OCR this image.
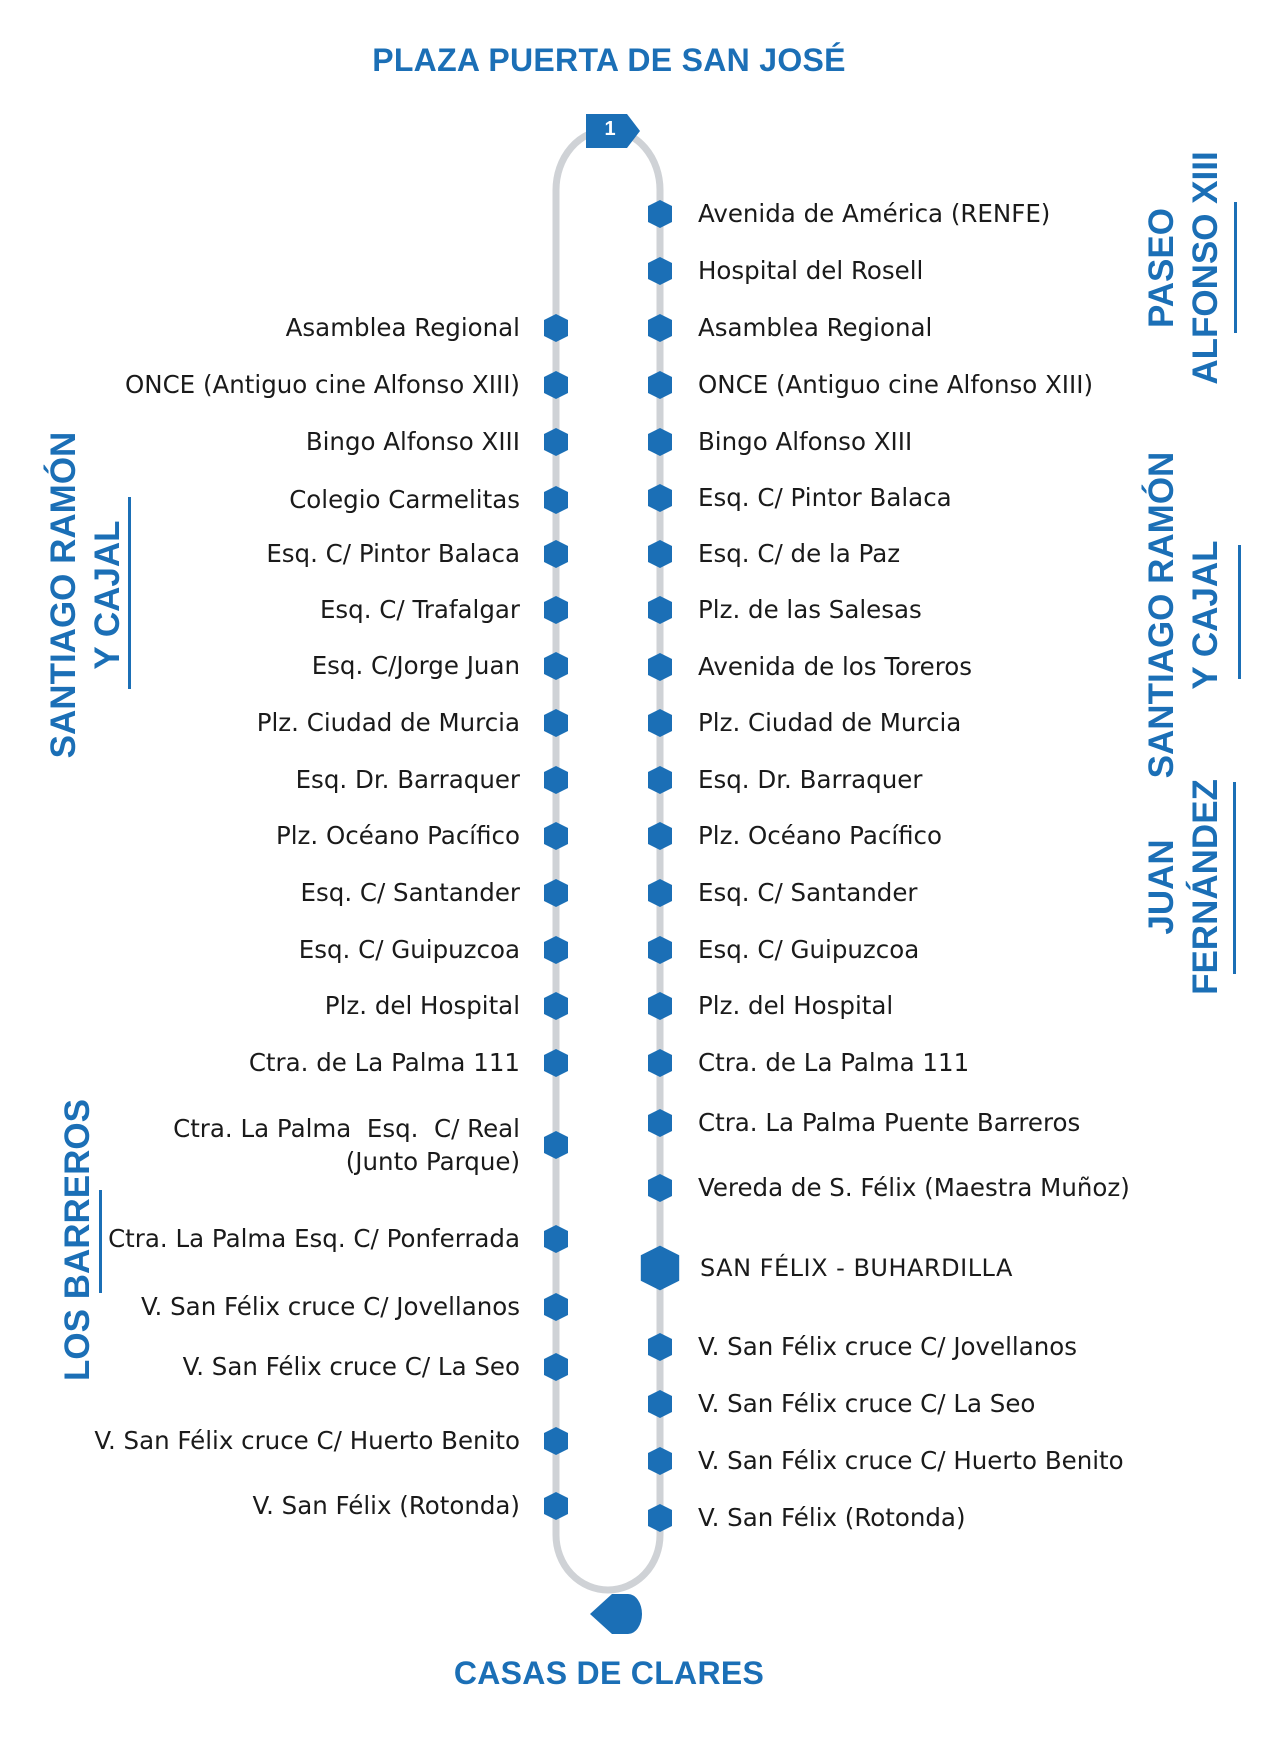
PLAZA PUERTA DE SAN JOSÉ
CASAS DE CLARES
1
Asamblea Regional
ONCE (Antiguo cine Alfonso XIII)
Bingo Alfonso XIII
Colegio Carmelitas
Esq. C/ Pintor Balaca
Esq. C/ Trafalgar
Esq. C/Jorge Juan
Plz. Ciudad de Murcia
Esq. Dr. Barraquer
Plz. Océano Pacífico
Esq. C/ Santander
Esq. C/ Guipuzcoa
Plz. del Hospital
Ctra. de La Palma 111
Ctra. La Palma  Esq.  C/ Real
(Junto Parque)
Ctra. La Palma Esq. C/ Ponferrada
V. San Félix cruce C/ Jovellanos
V. San Félix cruce C/ La Seo
V. San Félix cruce C/ Huerto Benito
V. San Félix (Rotonda)
Avenida de América (RENFE)
Hospital del Rosell
Asamblea Regional
ONCE (Antiguo cine Alfonso XIII)
Bingo Alfonso XIII
Esq. C/ Pintor Balaca
Esq. C/ de la Paz
Plz. de las Salesas
Avenida de los Toreros
Plz. Ciudad de Murcia
Esq. Dr. Barraquer
Plz. Océano Pacífico
Esq. C/ Santander
Esq. C/ Guipuzcoa
Plz. del Hospital
Ctra. de La Palma 111
Ctra. La Palma Puente Barreros
Vereda de S. Félix (Maestra Muñoz)
SAN FÉLIX - BUHARDILLA
V. San Félix cruce C/ Jovellanos
V. San Félix cruce C/ La Seo
V. San Félix cruce C/ Huerto Benito
V. San Félix (Rotonda)
SANTIAGO RAMÓN
Y CAJAL
LOS BARREROS
PASEO
ALFONSO XIII
SANTIAGO RAMÓN
Y CAJAL
JUAN
FERNÁNDEZ
